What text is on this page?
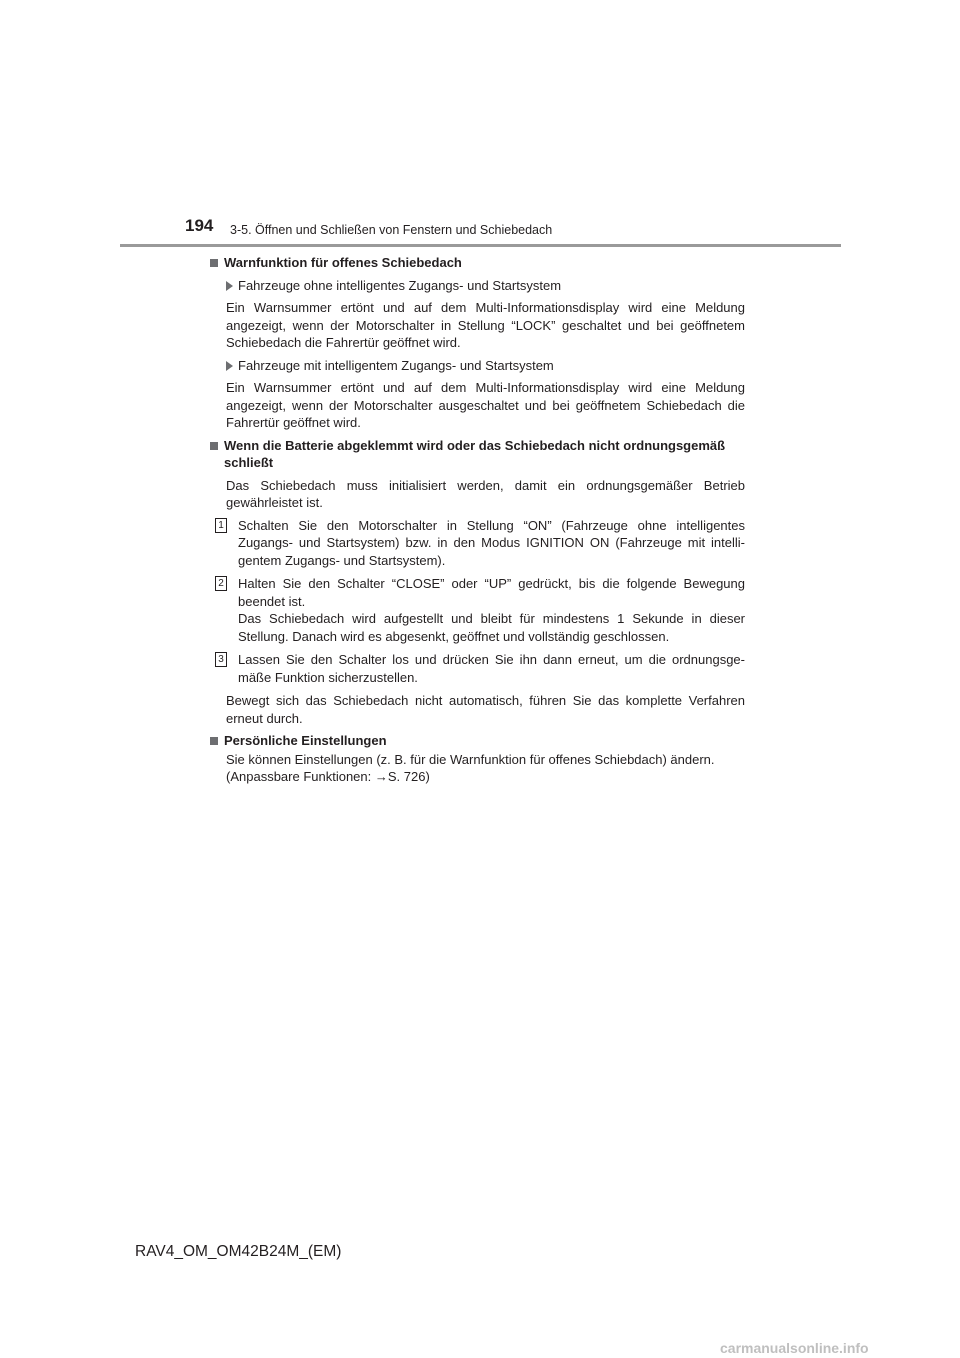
194 3-5. Öffnen und Schließen von Fenstern und Schiebedach
Warnfunktion für offenes Schiebedach
Fahrzeuge ohne intelligentes Zugangs- und Startsystem

Ein Warnsummer ertönt und auf dem Multi-Informationsdisplay wird eine Meldung angezeigt, wenn der Motorschalter in Stellung “LOCK” geschaltet und bei geöffnetem Schiebedach die Fahrertür geöffnet wird.

Fahrzeuge mit intelligentem Zugangs- und Startsystem

Ein Warnsummer ertönt und auf dem Multi-Informationsdisplay wird eine Meldung angezeigt, wenn der Motorschalter ausgeschaltet und bei geöffnetem Schiebedach die Fahrertür geöffnet wird.

Wenn die Batterie abgeklemmt wird oder das Schiebedach nicht ordnungsgemäß schließt

Das Schiebedach muss initialisiert werden, damit ein ordnungsgemäßer Betrieb gewährleistet ist.

1 Schalten Sie den Motorschalter in Stellung “ON” (Fahrzeuge ohne intelligentes Zugangs- und Startsystem) bzw. in den Modus IGNITION ON (Fahrzeuge mit intelli-gentem Zugangs- und Startsystem).
2 Halten Sie den Schalter “CLOSE” oder “UP” gedrückt, bis die folgende Bewegung beendet ist.
Das Schiebedach wird aufgestellt und bleibt für mindestens 1 Sekunde in dieser Stellung. Danach wird es abgesenkt, geöffnet und vollständig geschlossen.
3 Lassen Sie den Schalter los und drücken Sie ihn dann erneut, um die ordnungsge-mäße Funktion sicherzustellen.

Bewegt sich das Schiebedach nicht automatisch, führen Sie das komplette Verfahren erneut durch.

Persönliche Einstellungen
Sie können Einstellungen (z. B. für die Warnfunktion für offenes Schiebdach) ändern.
(Anpassbare Funktionen: →S. 726)
RAV4_OM_OM42B24M_(EM)
carmanualsonline.info
